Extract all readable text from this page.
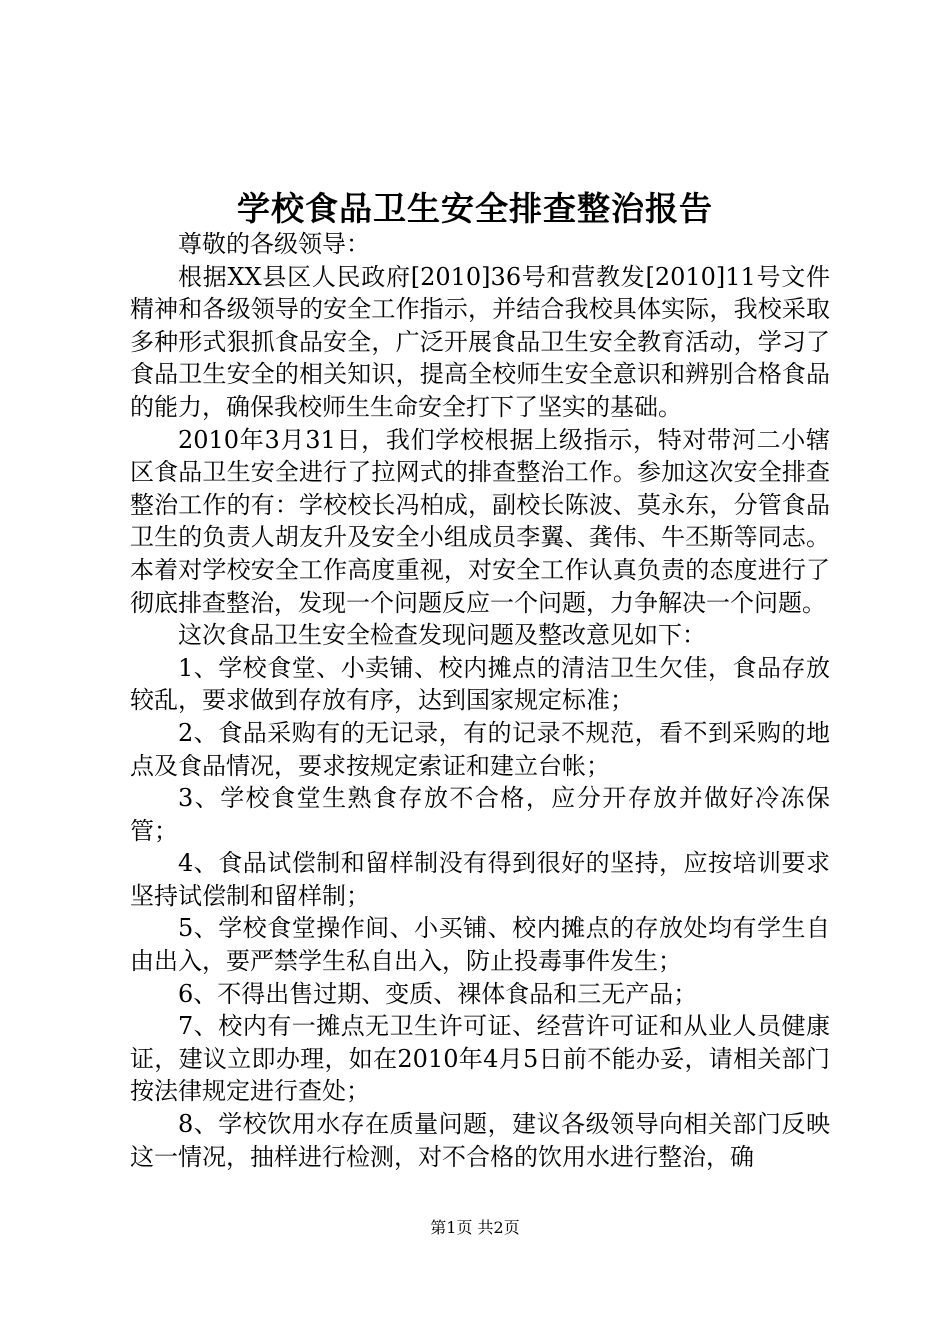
学校食品卫生安全排查整治报告

尊敬的各级领导：

根据XX县区人民政府[2010]36号和营教发[2010]11号文件精神和各级领导的安全工作指示，并结合我校具体实际，我校采取多种形式狠抓食品安全，广泛开展食品卫生安全教育活动，学习了食品卫生安全的相关知识，提高全校师生安全意识和辨别合格食品的能力，确保我校师生生命安全打下了坚实的基础。

2010年3月31日，我们学校根据上级指示，特对带河二小辖区食品卫生安全进行了拉网式的排查整治工作。参加这次安全排查整治工作的有：学校校长冯柏成，副校长陈波、莫永东，分管食品卫生的负责人胡友升及安全小组成员李翼、龚伟、牛丕斯等同志。本着对学校安全工作高度重视，对安全工作认真负责的态度进行了彻底排查整治，发现一个问题反应一个问题，力争解决一个问题。

这次食品卫生安全检查发现问题及整改意见如下：

1、学校食堂、小卖铺、校内摊点的清洁卫生欠佳，食品存放较乱，要求做到存放有序，达到国家规定标准；

2、食品采购有的无记录，有的记录不规范，看不到采购的地点及食品情况，要求按规定索证和建立台帐；

3、学校食堂生熟食存放不合格，应分开存放并做好冷冻保管；

4、食品试偿制和留样制没有得到很好的坚持，应按培训要求坚持试偿制和留样制；

5、学校食堂操作间、小买铺、校内摊点的存放处均有学生自由出入，要严禁学生私自出入，防止投毒事件发生；

6、不得出售过期、变质、裸体食品和三无产品；

7、校内有一摊点无卫生许可证、经营许可证和从业人员健康证，建议立即办理，如在2010年4月5日前不能办妥，请相关部门按法律规定进行查处；

8、学校饮用水存在质量问题，建议各级领导向相关部门反映这一情况，抽样进行检测，对不合格的饮用水进行整治，确

第1页 共2页
